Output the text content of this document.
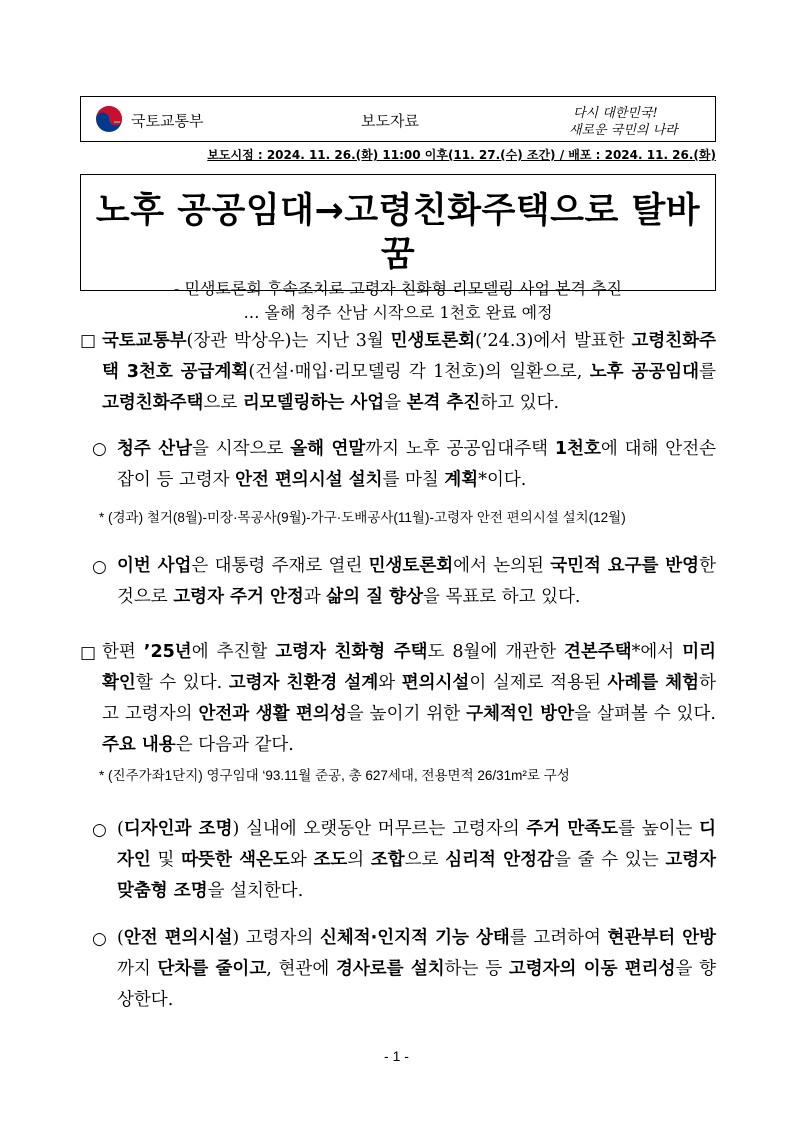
국토교통부	보도자료	다시 대한민국!
새로운 국민의 나라
보도시점 : 2024. 11. 26.(화) 11:00 이후(11. 27.(수) 조간) / 배포 : 2024. 11. 26.(화)
노후 공공임대→고령친화주택으로 탈바꿈
- 민생토론회 후속조치로 고령자 친화형 리모델링 사업 본격 추진
… 올해 청주 산남 시작으로 1천호 완료 예정
□ 국토교통부(장관 박상우)는 지난 3월 민생토론회(’24.3)에서 발표한 고령친화주택 3천호 공급계획(건설·매입·리모델링 각 1천호)의 일환으로, 노후 공공임대를 고령친화주택으로 리모델링하는 사업을 본격 추진하고 있다.
○ 청주 산남을 시작으로 올해 연말까지 노후 공공임대주택 1천호에 대해 안전손잡이 등 고령자 안전 편의시설 설치를 마칠 계획*이다.
* (경과) 철거(8월)-미장·목공사(9월)-가구·도배공사(11월)-고령자 안전 편의시설 설치(12월)
○ 이번 사업은 대통령 주재로 열린 민생토론회에서 논의된 국민적 요구를 반영한 것으로 고령자 주거 안정과 삶의 질 향상을 목표로 하고 있다.
□ 한편 ’25년에 추진할 고령자 친화형 주택도 8월에 개관한 견본주택*에서 미리 확인할 수 있다. 고령자 친환경 설계와 편의시설이 실제로 적용된 사례를 체험하고 고령자의 안전과 생활 편의성을 높이기 위한 구체적인 방안을 살펴볼 수 있다. 주요 내용은 다음과 같다.
* (진주가좌1단지) 영구임대 ‘93.11월 준공, 총 627세대, 전용면적 26/31m²로 구성
○ (디자인과 조명) 실내에 오랫동안 머무르는 고령자의 주거 만족도를 높이는 디자인 및 따뜻한 색온도와 조도의 조합으로 심리적 안정감을 줄 수 있는 고령자 맞춤형 조명을 설치한다.
○ (안전 편의시설) 고령자의 신체적·인지적 기능 상태를 고려하여 현관부터 안방까지 단차를 줄이고, 현관에 경사로를 설치하는 등 고령자의 이동 편리성을 향상한다.
- 1 -
